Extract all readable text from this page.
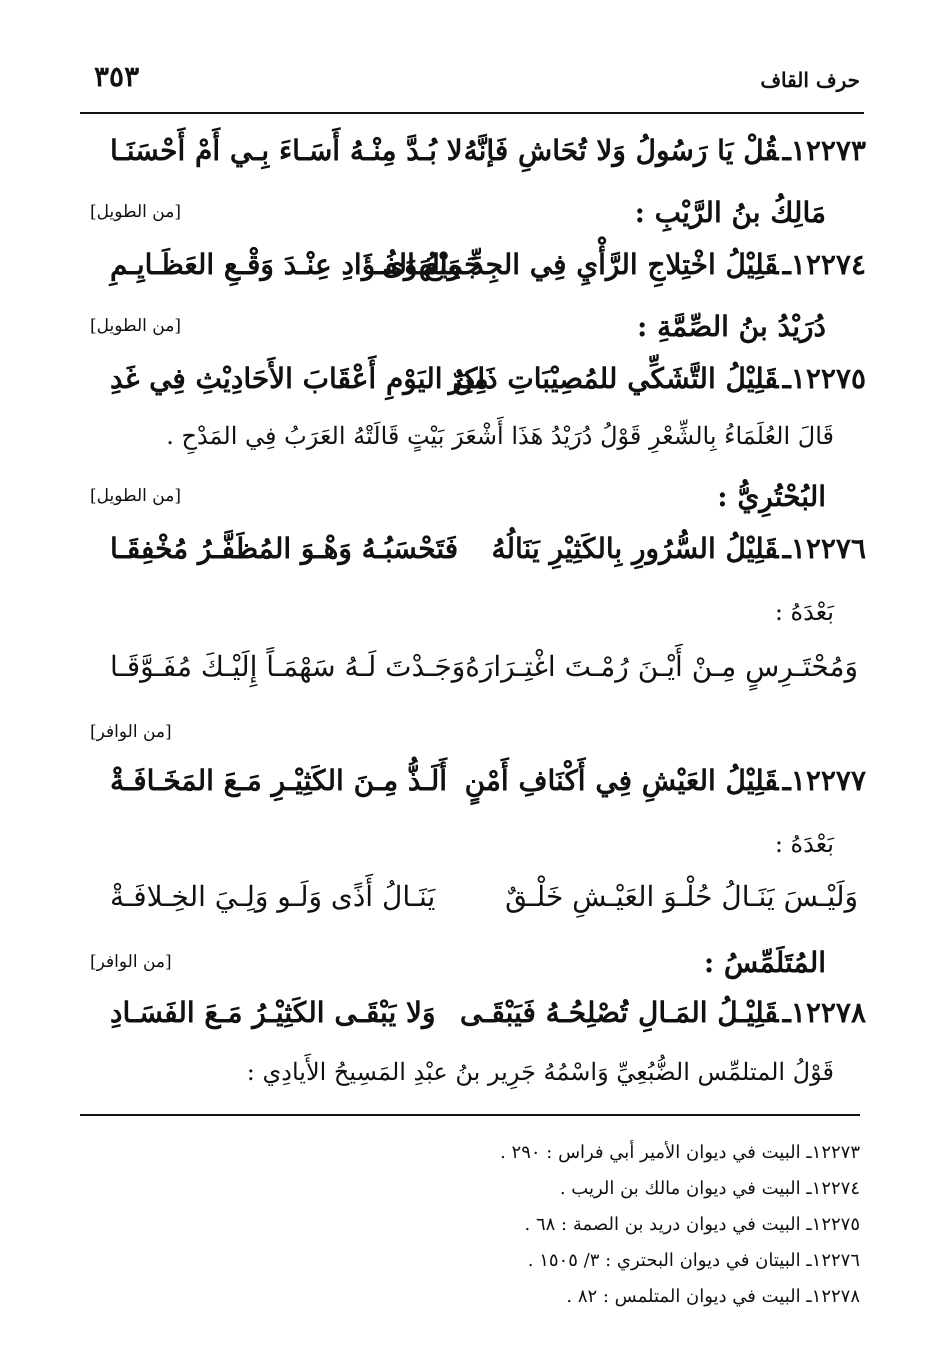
حرف القاف
٣٥٣
١٢٢٧٣ـقُلْ يَا رَسُولُ وَلا تُحَاشِ فَإنَّهُ
لا بُـدَّ مِنْـهُ أَسَـاءَ بِـي أَمْ أَحْسَنَـا
مَالِكُ بنُ الرَّيْبِ :
[من الطويل]
١٢٢٧٤ـقَلِيْلُ اخْتِلاجِ الرَّأْيِ فِي الجِدِّ وَالهَوَى
جَمِيْعُ الفُـؤَادِ عِنْـدَ وَقْـعِ العَظَـايِـمِ
دُرَيْدُ بنُ الصِّمَّةِ :
[من الطويل]
١٢٢٧٥ـقَلِيْلُ التَّشَكِّي للمُصِيْبَاتِ ذَاكِرٌ
مِنَ اليَوْمِ أَعْقَابَ الأَحَادِيْثِ فِي غَدِ
قَالَ العُلَمَاءُ بِالشِّعْرِ قَوْلُ دُرَيْدُ هَذَا أَشْعَرَ بَيْتٍ قَالَتْهُ العَرَبُ فِي المَدْحِ .
البُحْتُرِيُّ :
[من الطويل]
١٢٢٧٦ـقَلِيْلُ السُّرُورِ بِالكَثِيْرِ يَنَالُهُ
فَتَحْسَبُـهُ وَهْـوَ المُظَفَّـرُ مُخْفِقَـا
بَعْدَهُ :
وَمُحْتَـرِسٍ مِـنْ أَيْـنَ رُمْـتَ اغْتِـرَارَهُ
وَجَـدْتَ لَـهُ سَهْمَـاً إِلَيْـكَ مُفَـوَّقَـا
[من الوافر]
١٢٢٧٧ـقَلِيْلُ العَيْشِ فِي أَكْنَافِ أَمْنٍ
أَلَـذُّ مِـنَ الكَثِيْـرِ مَـعَ المَخَـافَـةْ
بَعْدَهُ :
وَلَيْـسَ يَنَـالُ حُلْـوَ العَيْـشِ خَلْـقٌ
يَنَـالُ أَذًى وَلَـو وَلِـيَ الخِـلافَـةْ
المُتَلَمِّسُ :
[من الوافر]
١٢٢٧٨ـقَلِيْـلُ المَـالِ تُصْلِحُـهُ فَيَبْقَـى
وَلا يَبْقَـى الكَثِيْـرُ مَـعَ الفَسَـادِ
قَوْلُ المتلمِّس الضُّبُعِيِّ وَاسْمُهُ جَرِير بنُ عبْدِ المَسِيحُ الأَيادِي :
١٢٢٧٣ـ البيت في ديوان الأمير أبي فراس : ٢٩٠ .
١٢٢٧٤ـ البيت في ديوان مالك بن الريب .
١٢٢٧٥ـ البيت في ديوان دريد بن الصمة : ٦٨ .
١٢٢٧٦ـ البيتان في ديوان البحتري : ٣/ ١٥٠٥ .
١٢٢٧٨ـ البيت في ديوان المتلمس : ٨٢ .
